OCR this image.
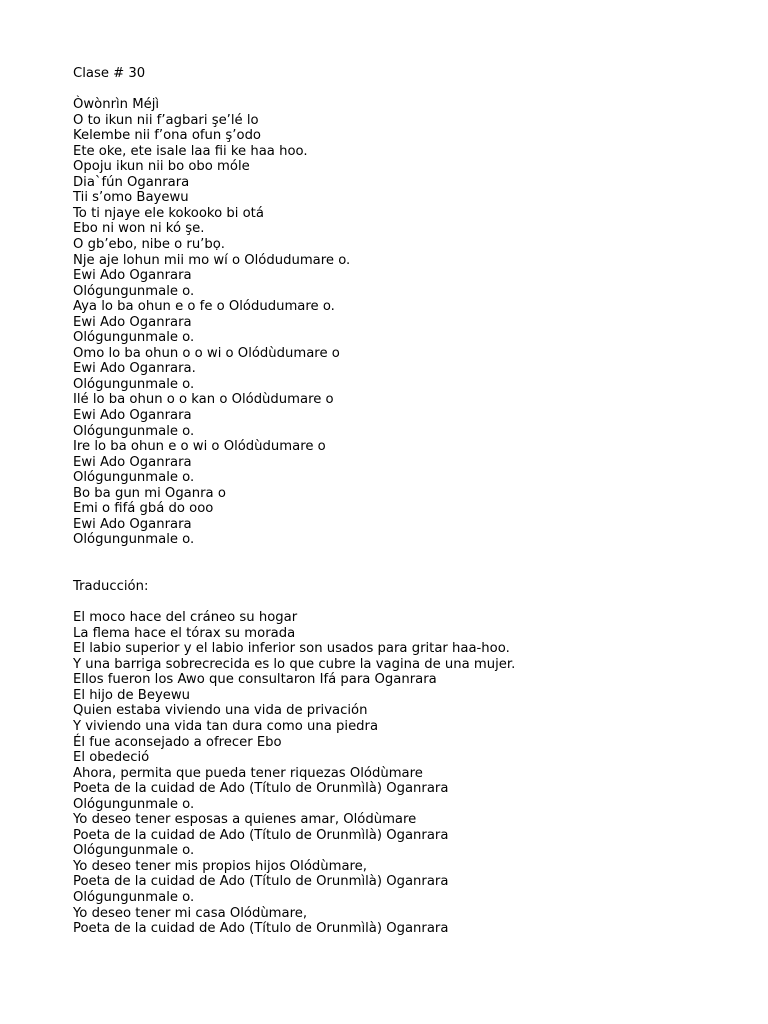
Clase # 30
Òwònrìn Méjì
O to ikun nii f’agbari şe’lé lo
Kelembe nii f’ona ofun ş’odo
Ete oke, ete isale laa fii ke haa hoo.
Opoju ikun nii bo obo móle
Dia`fún Oganrara
Tii s’omo Bayewu
To ti njaye ele kokooko bi otá
Ebo ni won ni kó şe.
O gb’ebo, nibe o ru’bọ.
Nje aje lohun mii mo wí o Olódudumare o.
Ewi Ado Oganrara
Ológungunmale o.
Aya lo ba ohun e o fe o Olódudumare o.
Ewi Ado Oganrara
Ológungunmale o.
Omo lo ba ohun o o wi o Olódùdumare o
Ewi Ado Oganrara.
Ológungunmale o.
Ilé lo ba ohun o o kan o Olódùdumare o
Ewi Ado Oganrara
Ológungunmale o.
Ire lo ba ohun e o wi o Olódùdumare o
Ewi Ado Oganrara
Ológungunmale o.
Bo ba gun mi Oganra o
Emi o fifá gbá do ooo
Ewi Ado Oganrara
Ológungunmale o.
Traducción:
El moco hace del cráneo su hogar
La flema hace el tórax su morada
El labio superior y el labio inferior son usados para gritar haa-hoo.
Y una barriga sobrecrecida es lo que cubre la vagina de una mujer.
Ellos fueron los Awo que consultaron Ifá para Oganrara
El hijo de Beyewu
Quien estaba viviendo una vida de privación
Y viviendo una vida tan dura como una piedra
Él fue aconsejado a ofrecer Ebo
El obedeció
Ahora, permita que pueda tener riquezas Olódùmare
Poeta de la cuidad de Ado (Título de Orunmìlà) Oganrara
Ológungunmale o.
Yo deseo tener esposas a quienes amar, Olódùmare
Poeta de la cuidad de Ado (Título de Orunmìlà) Oganrara
Ológungunmale o.
Yo deseo tener mis propios hijos Olódùmare,
Poeta de la cuidad de Ado (Título de Orunmìlà) Oganrara
Ológungunmale o.
Yo deseo tener mi casa Olódùmare,
Poeta de la cuidad de Ado (Título de Orunmìlà) Oganrara
